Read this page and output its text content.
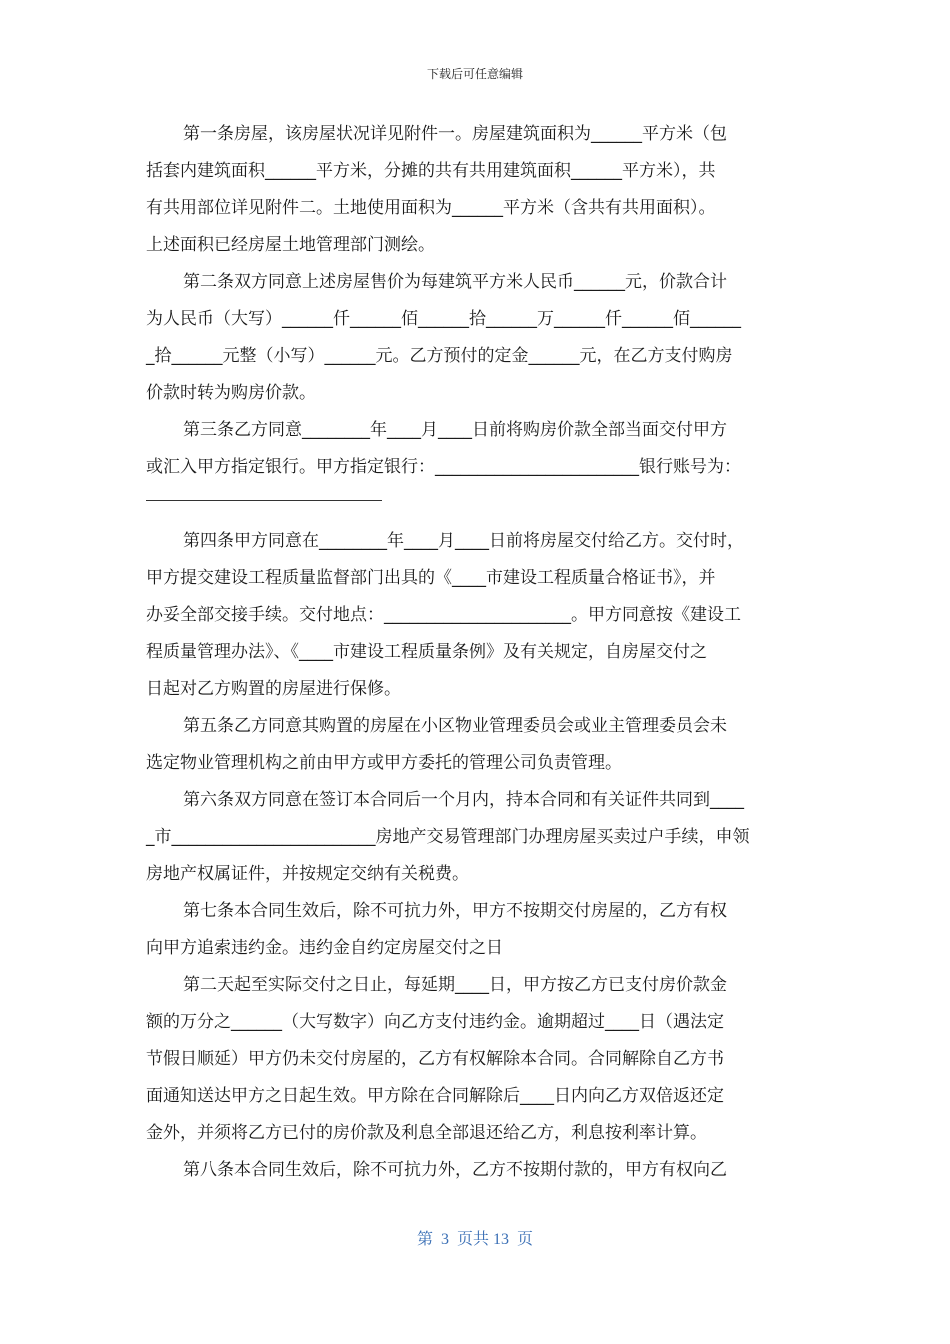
下载后可任意编辑
第一条房屋，该房屋状况详见附件一。房屋建筑面积为______平方米（包
括套内建筑面积______平方米，分摊的共有共用建筑面积______平方米），共
有共用部位详见附件二。土地使用面积为______平方米（含共有共用面积）。
上述面积已经房屋土地管理部门测绘。
第二条双方同意上述房屋售价为每建筑平方米人民币______元，价款合计
为人民币（大写）______仟______佰______拾______万______仟______佰______
_拾______元整（小写）______元。乙方预付的定金______元，在乙方支付购房
价款时转为购房价款。
第三条乙方同意________年____月____日前将购房价款全部当面交付甲方
或汇入甲方指定银行。甲方指定银行：________________________银行账号为：
第四条甲方同意在________年____月____日前将房屋交付给乙方。交付时，
甲方提交建设工程质量监督部门出具的《____市建设工程质量合格证书》，并
办妥全部交接手续。交付地点：______________________。甲方同意按《建设工
程质量管理办法》、《____市建设工程质量条例》及有关规定，自房屋交付之
日起对乙方购置的房屋进行保修。
第五条乙方同意其购置的房屋在小区物业管理委员会或业主管理委员会未
选定物业管理机构之前由甲方或甲方委托的管理公司负责管理。
第六条双方同意在签订本合同后一个月内，持本合同和有关证件共同到____
_市________________________房地产交易管理部门办理房屋买卖过户手续，申领
房地产权属证件，并按规定交纳有关税费。
第七条本合同生效后，除不可抗力外，甲方不按期交付房屋的，乙方有权
向甲方追索违约金。违约金自约定房屋交付之日
第二天起至实际交付之日止，每延期____日，甲方按乙方已支付房价款金
额的万分之______（大写数字）向乙方支付违约金。逾期超过____日（遇法定
节假日顺延）甲方仍未交付房屋的，乙方有权解除本合同。合同解除自乙方书
面通知送达甲方之日起生效。甲方除在合同解除后____日内向乙方双倍返还定
金外，并须将乙方已付的房价款及利息全部退还给乙方，利息按利率计算。
第八条本合同生效后，除不可抗力外，乙方不按期付款的，甲方有权向乙
第  3  页共 13  页
